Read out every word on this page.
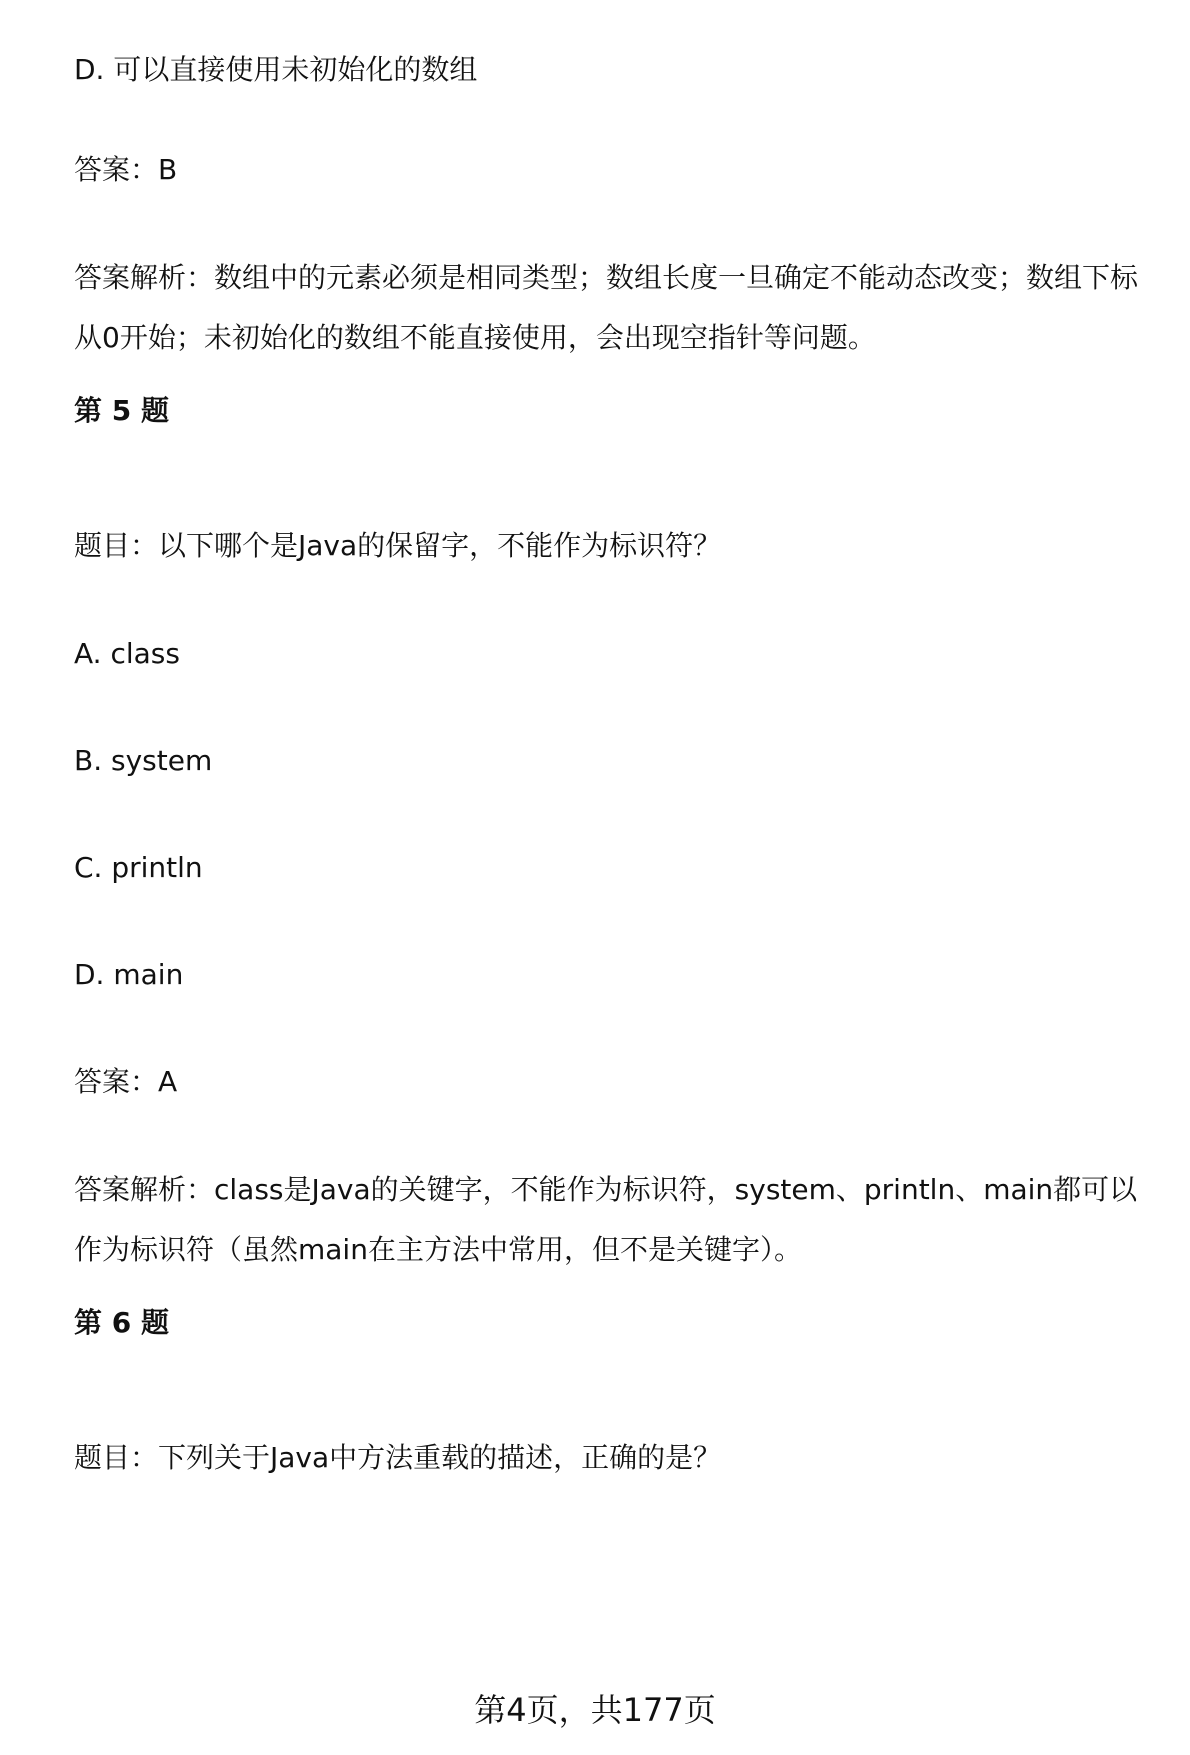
D. 可以直接使用未初始化的数组
答案：B
答案解析：数组中的元素必须是相同类型；数组长度一旦确定不能动态改变；数组下标从0开始；未初始化的数组不能直接使用，会出现空指针等问题。
第 5 题
题目：以下哪个是Java的保留字，不能作为标识符？
A. class
B. system
C. println
D. main
答案：A
答案解析：class是Java的关键字，不能作为标识符，system、println、main都可以作为标识符（虽然main在主方法中常用，但不是关键字）。
第 6 题
题目：下列关于Java中方法重载的描述，正确的是？
第4页，共177页
